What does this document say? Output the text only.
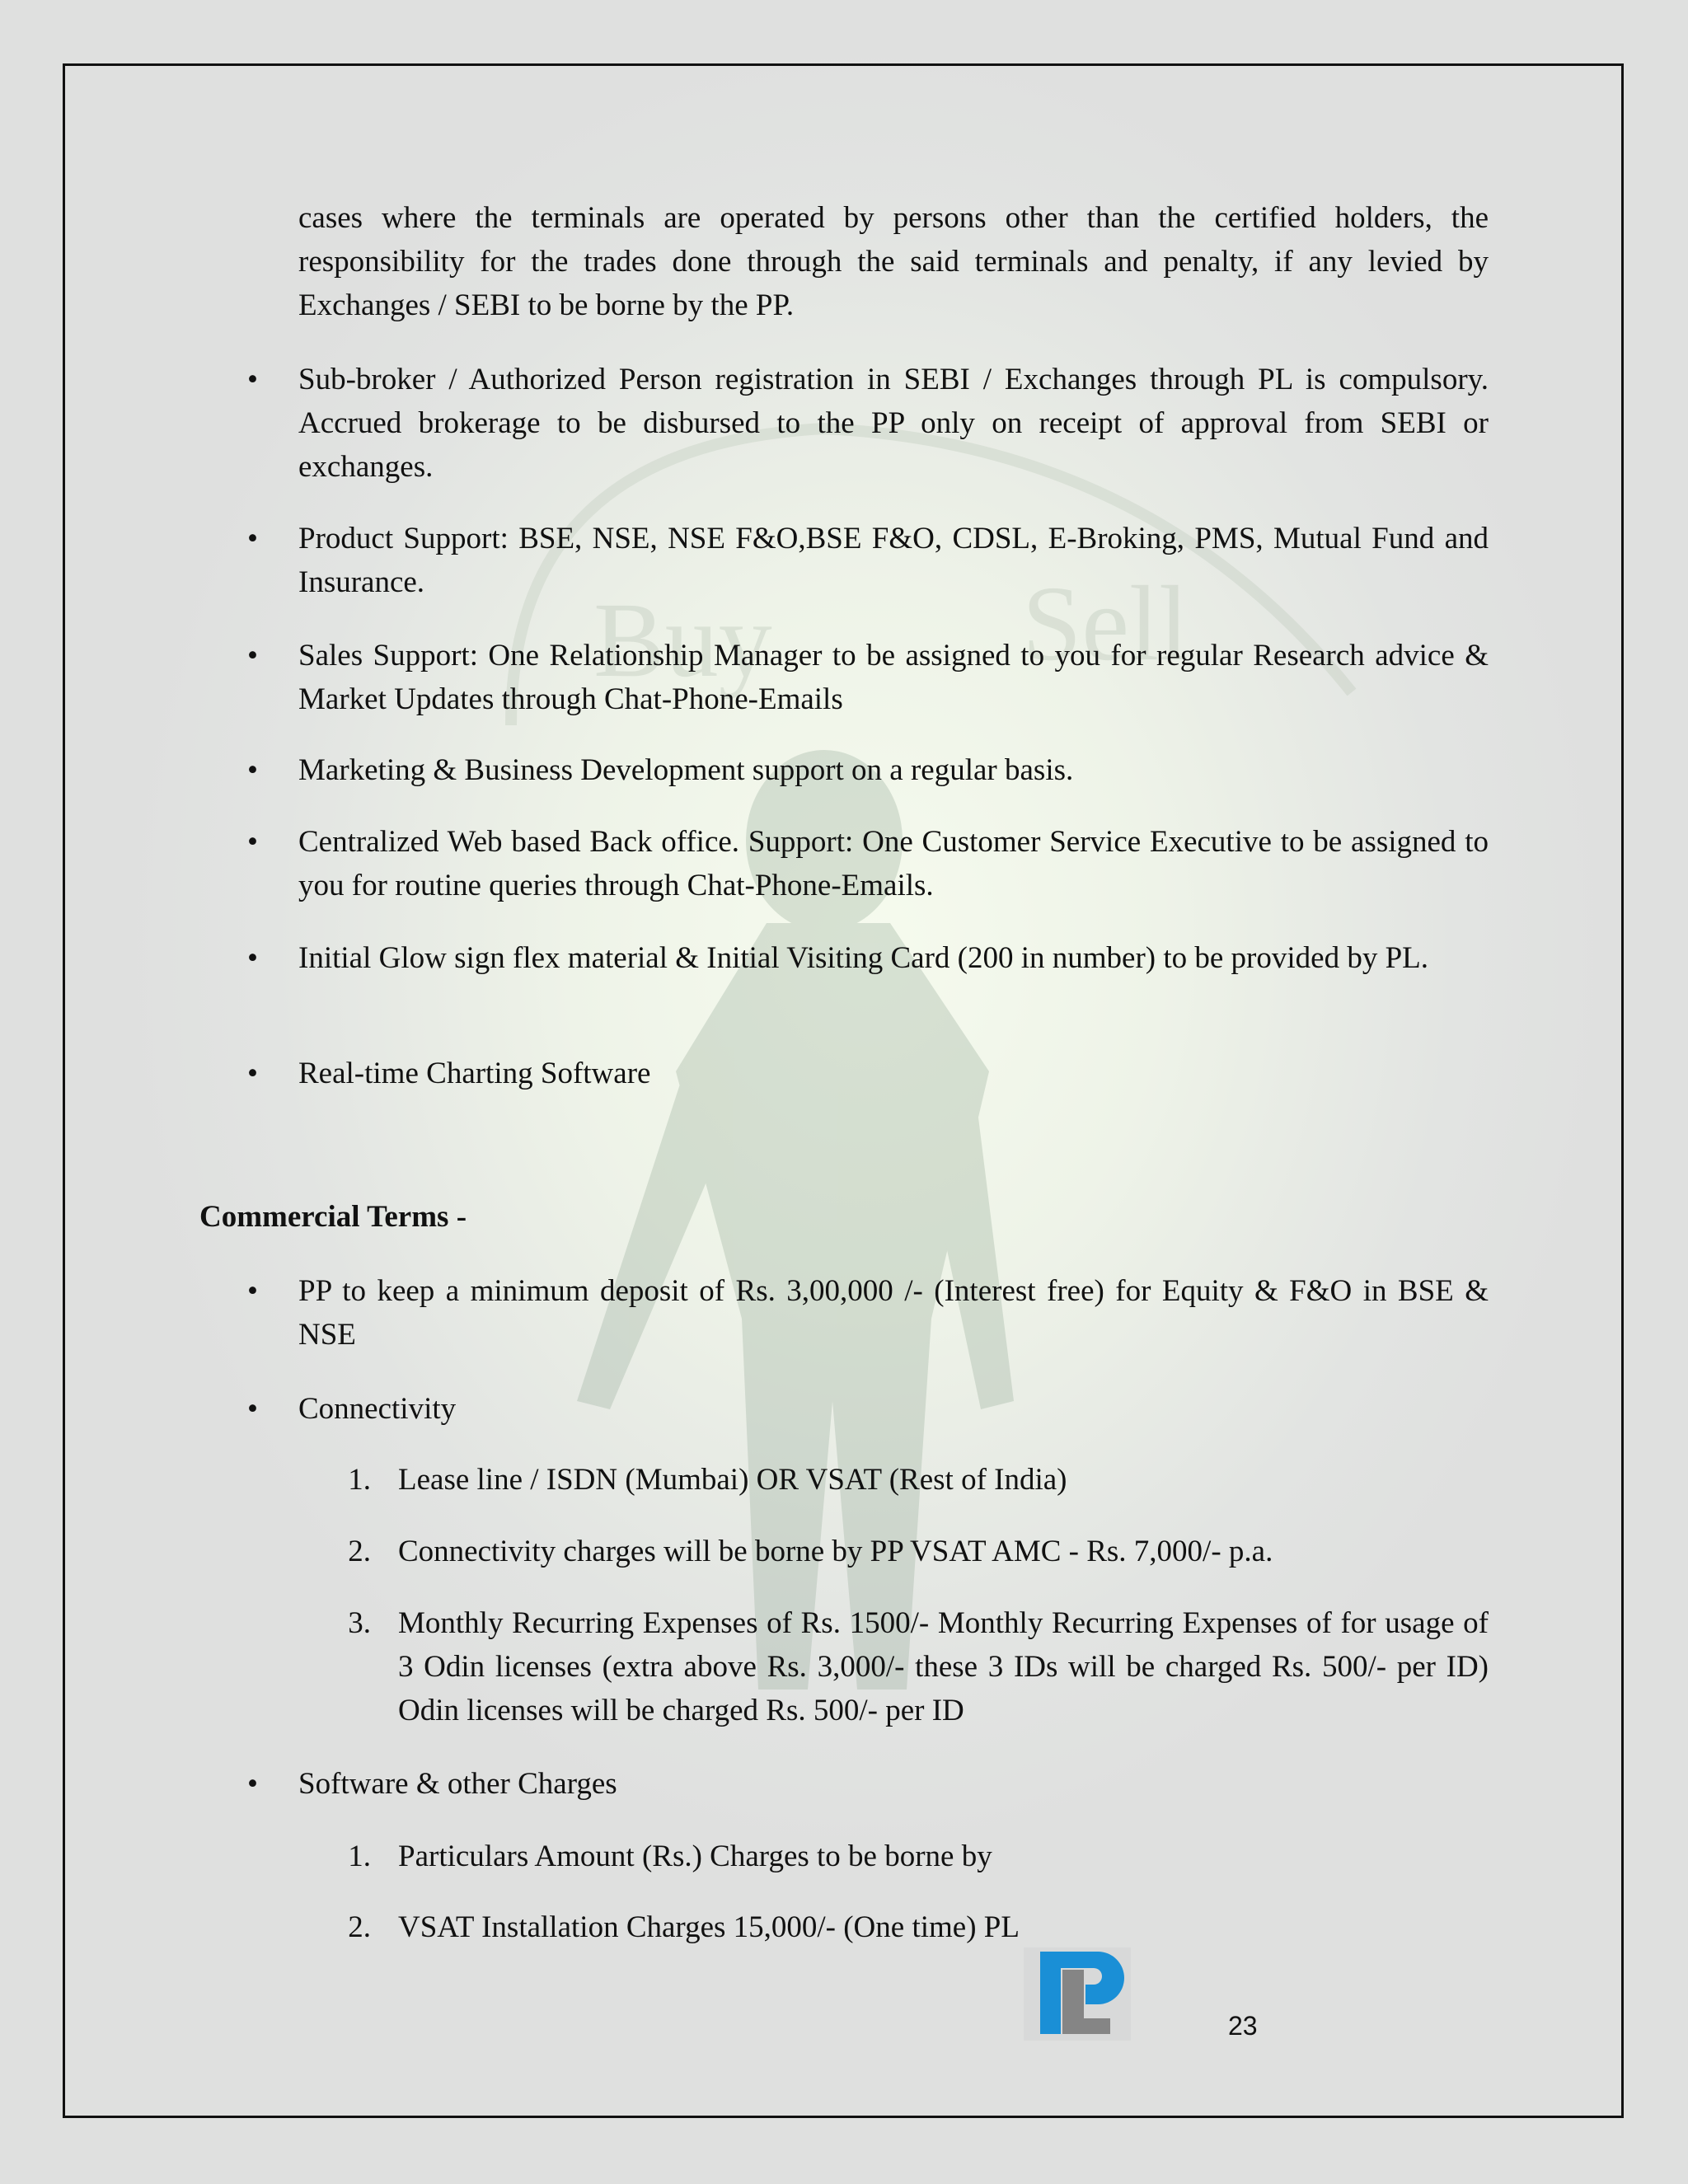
Buy Sell
cases where the terminals are operated by persons other than the certified holders, the responsibility for the trades done through the said terminals and penalty, if any levied by Exchanges / SEBI to be borne by the PP.
• Sub-broker / Authorized Person registration in SEBI / Exchanges through PL is compulsory. Accrued brokerage to be disbursed to the PP only on receipt of approval from SEBI or exchanges.
• Product Support: BSE, NSE, NSE F&O,BSE F&O, CDSL, E-Broking, PMS, Mutual Fund and Insurance.
• Sales Support: One Relationship Manager to be assigned to you for regular Research advice & Market Updates through Chat-Phone-Emails
• Marketing & Business Development support on a regular basis.
• Centralized Web based Back office. Support: One Customer Service Executive to be assigned to you for routine queries through Chat-Phone-Emails.
• Initial Glow sign flex material & Initial Visiting Card (200 in number) to be provided by PL.
• Real-time Charting Software
Commercial Terms -
• PP to keep a minimum deposit of Rs. 3,00,000 /- (Interest free) for Equity & F&O in BSE & NSE
• Connectivity
1. Lease line / ISDN (Mumbai) OR VSAT (Rest of India)
2. Connectivity charges will be borne by PP VSAT AMC - Rs. 7,000/- p.a.
3. Monthly Recurring Expenses of Rs. 1500/- Monthly Recurring Expenses of for usage of 3 Odin licenses (extra above Rs. 3,000/- these 3 IDs will be charged Rs. 500/- per ID) Odin licenses will be charged Rs. 500/- per ID
• Software & other Charges
1. Particulars Amount (Rs.) Charges to be borne by
2. VSAT Installation Charges 15,000/- (One time) PL
23
